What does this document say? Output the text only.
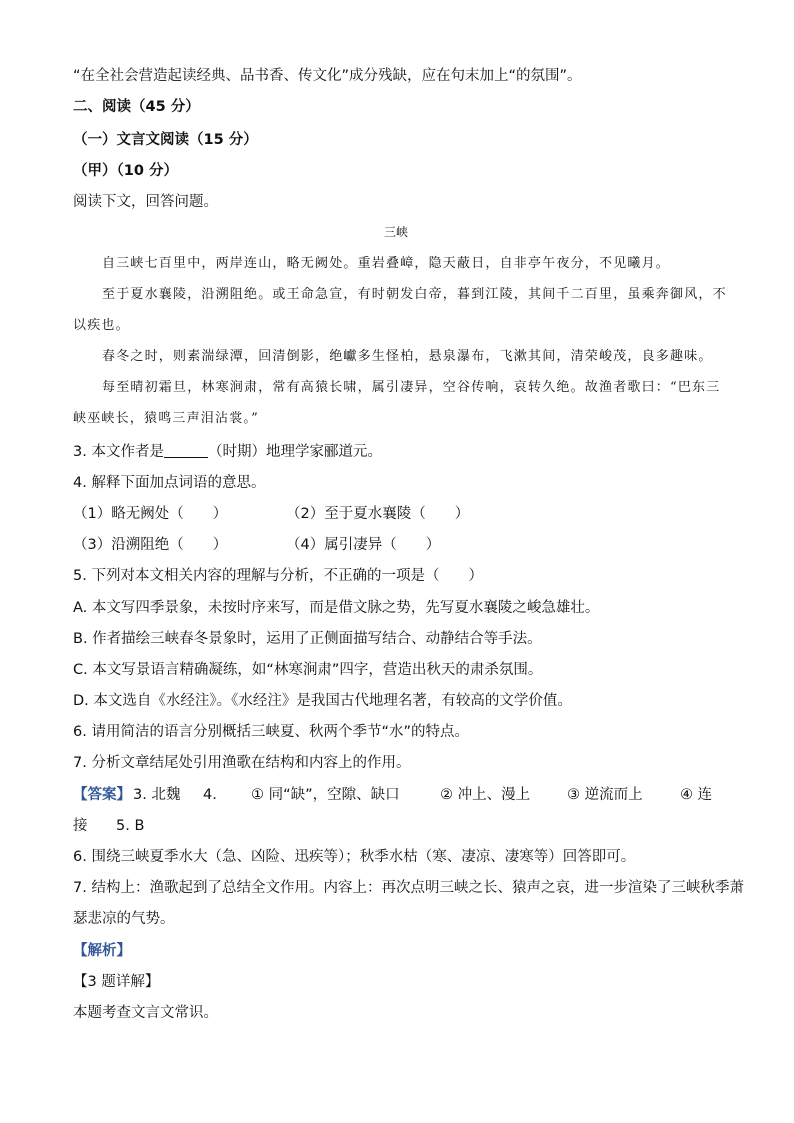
“在全社会营造起读经典、品书香、传文化”成分残缺，应在句末加上“的氛围”。
二、阅读（45 分）
（一）文言文阅读（15 分）
（甲）（10 分）
阅读下文，回答问题。
三峡
自三峡七百里中，两岸连山，略无阙处。重岩叠嶂，隐天蔽日，自非亭午夜分，不见曦月。
至于夏水襄陵，沿溯阻绝。或王命急宣，有时朝发白帝，暮到江陵，其间千二百里，虽乘奔御风，不
以疾也。
春冬之时，则素湍绿潭，回清倒影，绝巘多生怪柏，悬泉瀑布，飞漱其间，清荣峻茂，良多趣味。
每至晴初霜旦，林寒涧肃，常有高猿长啸，属引凄异，空谷传响，哀转久绝。故渔者歌曰：“巴东三
峡巫峡长，猿鸣三声泪沾裳。”
3. 本文作者是	（时期）地理学家郦道元。
4. 解释下面加点词语的意思。
（1）略无阙处（　　）	（2）至于夏水襄陵（　　）
（3）沿溯阻绝（　　）	（4）属引凄异（　　）
5. 下列对本文相关内容的理解与分析，不正确的一项是（　　）
A. 本文写四季景象，未按时序来写，而是借文脉之势，先写夏水襄陵之峻急雄壮。
B. 作者描绘三峡春冬景象时，运用了正侧面描写结合、动静结合等手法。
C. 本文写景语言精确凝练，如“林寒涧肃”四字，营造出秋天的肃杀氛围。
D. 本文选自《水经注》。《水经注》是我国古代地理名著，有较高的文学价值。
6. 请用简洁的语言分别概括三峡夏、秋两个季节“水”的特点。
7. 分析文章结尾处引用渔歌在结构和内容上的作用。
【答案】 3. 北魏 4. ① 同“缺”，空隙、缺口	② 冲上、漫上	③ 逆流而上	④ 连
接 5. B
6. 围绕三峡夏季水大（急、凶险、迅疾等）；秋季水枯（寒、凄凉、凄寒等）回答即可。
7. 结构上：渔歌起到了总结全文作用。内容上：再次点明三峡之长、猿声之哀，进一步渲染了三峡秋季萧
瑟悲凉的气势。
【解析】
【3 题详解】
本题考查文言文常识。
